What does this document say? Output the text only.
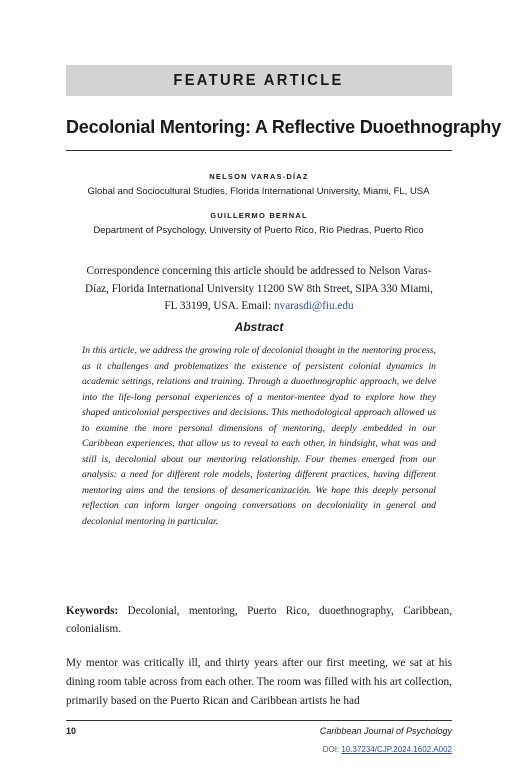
FEATURE ARTICLE
Decolonial Mentoring: A Reflective Duoethnography
NELSON VARAS-DÍAZ
Global and Sociocultural Studies, Florida International University, Miami, FL, USA
GUILLERMO BERNAL
Department of Psychology, University of Puerto Rico, Río Piedras, Puerto Rico
Correspondence concerning this article should be addressed to Nelson Varas-Díaz, Florida International University 11200 SW 8th Street, SIPA 330 Miami, FL 33199, USA. Email: nvarasdi@fiu.edu
Abstract
In this article, we address the growing role of decolonial thought in the mentoring process, as it challenges and problematizes the existence of persistent colonial dynamics in academic settings, relations and training. Through a duoethnographic approach, we delve into the life-long personal experiences of a mentor-mentee dyad to explore how they shaped anticolonial perspectives and decisions. This methodological approach allowed us to examine the more personal dimensions of mentoring, deeply embedded in our Caribbean experiences, that allow us to reveal to each other, in hindsight, what was and still is, decolonial about our mentoring relationship. Four themes emerged from our analysis: a need for different role models, fostering different practices, having different mentoring aims and the tensions of desamericanización. We hope this deeply personal reflection can inform larger ongoing conversations on decoloniality in general and decolonial mentoring in particular.
Keywords: Decolonial, mentoring, Puerto Rico, duoethnography, Caribbean, colonialism.
My mentor was critically ill, and thirty years after our first meeting, we sat at his dining room table across from each other. The room was filled with his art collection, primarily based on the Puerto Rican and Caribbean artists he had
10	Caribbean Journal of Psychology
DOI: 10.37234/CJP.2024.1602.A002
